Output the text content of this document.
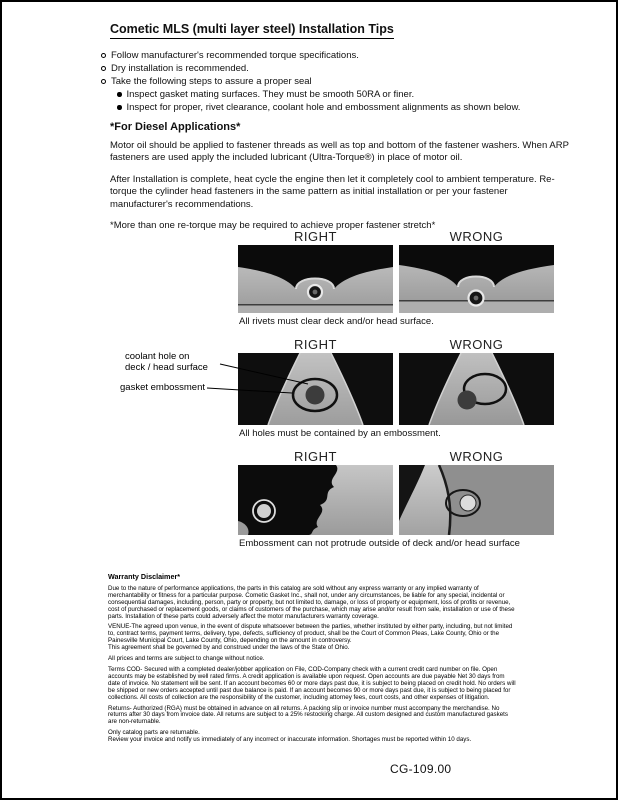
Cometic MLS (multi layer steel) Installation Tips
Follow manufacturer's recommended torque specifications.
Dry installation is recommended.
Take the following steps to assure a proper seal
Inspect gasket mating surfaces. They must be smooth 50RA or finer.
Inspect for proper, rivet clearance, coolant hole and embossment alignments as shown below.
*For Diesel Applications*

Motor oil should be applied to fastener threads as well as top and bottom of the fastener washers. When ARP fasteners are used apply the included lubricant (Ultra-Torque®) in place of motor oil.

After Installation is complete, heat cycle the engine then let it completely cool to ambient temperature. Re-torque the cylinder head fasteners in the same pattern as initial installation or per your fastener manufacturer's recommendations.

*More than one re-torque may be required to achieve proper fastener stretch*

RIGHT	WRONG

All rivets must clear deck and/or head surface.

RIGHT	WRONG

All holes must be contained by an embossment.

RIGHT	WRONG

Embossment can not protrude outside of deck and/or head surface

coolant hole on
deck / head surface
gasket embossment
Warranty Disclaimer*

Due to the nature of performance applications, the parts in this catalog are sold without any express warranty or any implied warranty of merchantability or fitness for a particular purpose. Cometic Gasket Inc., shall not, under any circumstances, be liable for any special, incidental or consequential damages, including, person, party or property, but not limited to, damage, or loss of property or equipment, loss of profits or revenue, cost of purchased or replacement goods, or claims of customers of the purchase, which may arise and/or result from sale, installation or use of these parts. Installation of these parts could adversely affect the motor manufacturers warranty coverage.

VENUE-The agreed upon venue, in the event of dispute whatsoever between the parties, whether instituted by either party, including, but not limited to, contract terms, payment terms, delivery, type, defects, sufficiency of product, shall be the Court of Common Pleas, Lake County, Ohio or the Painesville Municipal Court, Lake County, Ohio, depending on the amount in controversy.

This agreement shall be governed by and construed under the laws of the State of Ohio.

All prices and terms are subject to change without notice.

Terms COD- Secured with a completed dealer/jobber application on File, COD-Company check with a current credit card number on file. Open accounts may be established by well rated firms. A credit application is available upon request. Open accounts are due payable Net 30 days from date of invoice. No statement will be sent. If an account becomes 60 or more days past due, it is subject to being placed on credit hold. No orders will be shipped or new orders accepted until past due balance is paid. If an account becomes 90 or more days past due, it is subject to being placed for collections. All costs of collection are the responsibility of the customer, including attorney fees, court costs, and other expenses of litigation.

Returns- Authorized (RGA) must be obtained in advance on all returns. A packing slip or invoice number must accompany the merchandise. No returns after 30 days from invoice date. All returns are subject to a 25% restocking charge. All custom designed and custom manufactured gaskets are non-returnable.

Only catalog parts are returnable.

Review your invoice and notify us immediately of any incorrect or inaccurate information. Shortages must be reported within 10 days.

CG-109.00
